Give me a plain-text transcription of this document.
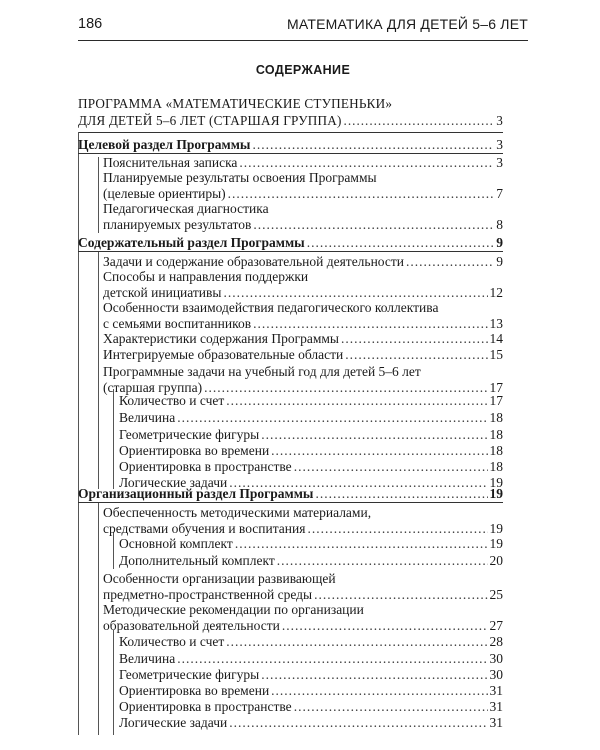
186	МАТЕМАТИКА ДЛЯ ДЕТЕЙ 5–6 ЛЕТ
СОДЕРЖАНИЕ
ПРОГРАММА «МАТЕМАТИЧЕСКИЕ СТУПЕНЬКИ»
ДЛЯ ДЕТЕЙ 5–6 ЛЕТ (СТАРШАЯ ГРУППА) .....	3
Целевой раздел Программы .....	3
Пояснительная записка .....	3
Планируемые результаты освоения Программы
(целевые ориентиры) .....	7
Педагогическая диагностика
планируемых результатов .....	8
Содержательный раздел Программы .....	9
Задачи и содержание образовательной деятельности .....	9
Способы и направления поддержки
детской инициативы .....	12
Особенности взаимодействия педагогического коллектива
с семьями воспитанников .....	13
Характеристики содержания Программы .....	14
Интегрируемые образовательные области .....	15
Программные задачи на учебный год для детей 5–6 лет
(старшая группа) .....	17
Количество и счет .....	17
Величина .....	18
Геометрические фигуры .....	18
Ориентировка во времени .....	18
Ориентировка в пространстве .....	18
Логические задачи .....	19
Организационный раздел Программы .....	19
Обеспеченность методическими материалами,
средствами обучения и воспитания .....	19
Основной комплект .....	19
Дополнительный комплект .....	20
Особенности организации развивающей
предметно-пространственной среды .....	25
Методические рекомендации по организации
образовательной деятельности .....	27
Количество и счет .....	28
Величина .....	30
Геометрические фигуры .....	30
Ориентировка во времени .....	31
Ориентировка в пространстве .....	31
Логические задачи .....	31
